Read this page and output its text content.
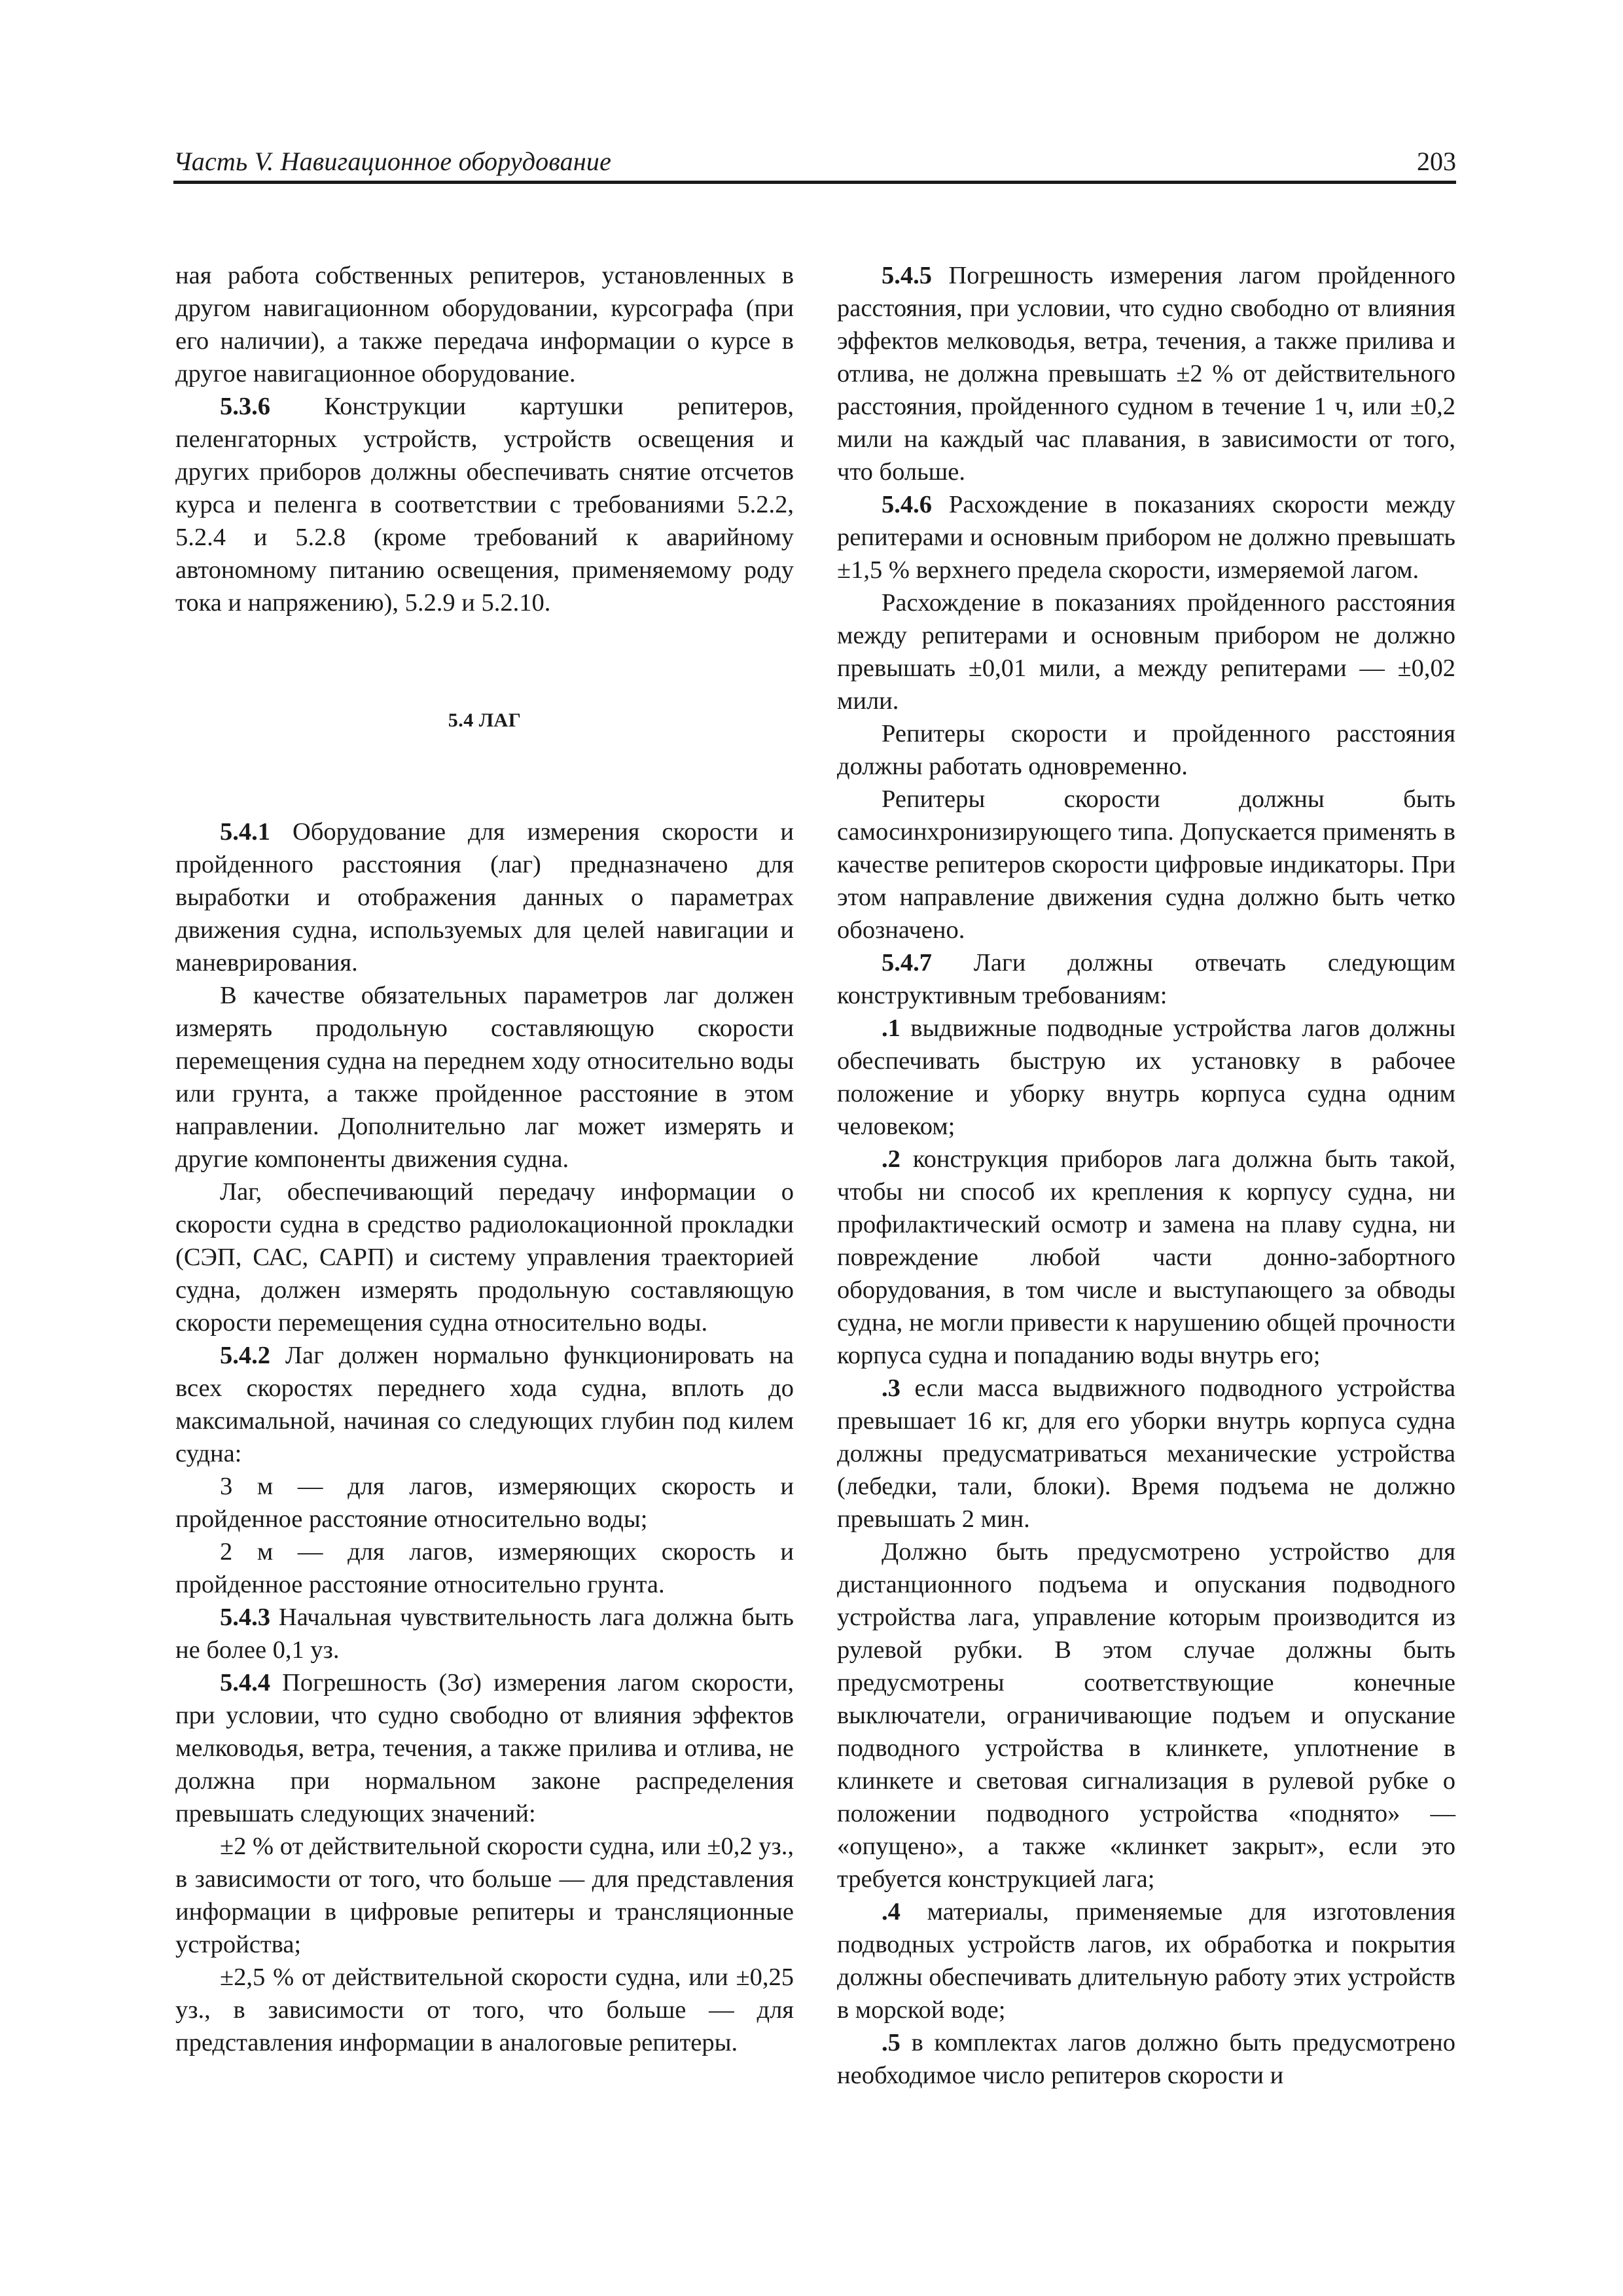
Часть V. Навигационное оборудование	203

ная работа собственных репитеров, установленных в другом навигационном оборудовании, курсографа (при его наличии), а также передача информации о курсе в другое навигационное оборудование.

5.3.6 Конструкции картушки репитеров, пеленгаторных устройств, устройств освещения и других приборов должны обеспечивать снятие отсчетов курса и пеленга в соответствии с требованиями 5.2.2, 5.2.4 и 5.2.8 (кроме требований к аварийному автономному питанию освещения, применяемому роду тока и напряжению), 5.2.9 и 5.2.10.

5.4 ЛАГ

5.4.1 Оборудование для измерения скорости и пройденного расстояния (лаг) предназначено для выработки и отображения данных о параметрах движения судна, используемых для целей навигации и маневрирования.

В качестве обязательных параметров лаг должен измерять продольную составляющую скорости перемещения судна на переднем ходу относительно воды или грунта, а также пройденное расстояние в этом направлении. Дополнительно лаг может измерять и другие компоненты движения судна.

Лаг, обеспечивающий передачу информации о скорости судна в средство радиолокационной прокладки (СЭП, САС, САРП) и систему управления траекторией судна, должен измерять продольную составляющую скорости перемещения судна относительно воды.

5.4.2 Лаг должен нормально функционировать на всех скоростях переднего хода судна, вплоть до максимальной, начиная со следующих глубин под килем судна:

3 м — для лагов, измеряющих скорость и пройденное расстояние относительно воды;

2 м — для лагов, измеряющих скорость и пройденное расстояние относительно грунта.

5.4.3 Начальная чувствительность лага должна быть не более 0,1 уз.

5.4.4 Погрешность (3σ) измерения лагом скорости, при условии, что судно свободно от влияния эффектов мелководья, ветра, течения, а также прилива и отлива, не должна при нормальном законе распределения превышать следующих значений:

±2 % от действительной скорости судна, или ±0,2 уз., в зависимости от того, что больше — для представления информации в цифровые репитеры и трансляционные устройства;

±2,5 % от действительной скорости судна, или ±0,25 уз., в зависимости от того, что больше — для представления информации в аналоговые репитеры.

5.4.5 Погрешность измерения лагом пройденного расстояния, при условии, что судно свободно от влияния эффектов мелководья, ветра, течения, а также прилива и отлива, не должна превышать ±2 % от действительного расстояния, пройденного судном в течение 1 ч, или ±0,2 мили на каждый час плавания, в зависимости от того, что больше.

5.4.6 Расхождение в показаниях скорости между репитерами и основным прибором не должно превышать ±1,5 % верхнего предела скорости, измеряемой лагом.

Расхождение в показаниях пройденного расстояния между репитерами и основным прибором не должно превышать ±0,01 мили, а между репитерами — ±0,02 мили.

Репитеры скорости и пройденного расстояния должны работать одновременно.

Репитеры скорости должны быть самосинхронизирующего типа. Допускается применять в качестве репитеров скорости цифровые индикаторы. При этом направление движения судна должно быть четко обозначено.

5.4.7 Лаги должны отвечать следующим конструктивным требованиям:

.1 выдвижные подводные устройства лагов должны обеспечивать быструю их установку в рабочее положение и уборку внутрь корпуса судна одним человеком;

.2 конструкция приборов лага должна быть такой, чтобы ни способ их крепления к корпусу судна, ни профилактический осмотр и замена на плаву судна, ни повреждение любой части донно-забортного оборудования, в том числе и выступающего за обводы судна, не могли привести к нарушению общей прочности корпуса судна и попаданию воды внутрь его;

.3 если масса выдвижного подводного устройства превышает 16 кг, для его уборки внутрь корпуса судна должны предусматриваться механические устройства (лебедки, тали, блоки). Время подъема не должно превышать 2 мин.

Должно быть предусмотрено устройство для дистанционного подъема и опускания подводного устройства лага, управление которым производится из рулевой рубки. В этом случае должны быть предусмотрены соответствующие конечные выключатели, ограничивающие подъем и опускание подводного устройства в клинкете, уплотнение в клинкете и световая сигнализация в рулевой рубке о положении подводного устройства «поднято» — «опущено», а также «клинкет закрыт», если это требуется конструкцией лага;

.4 материалы, применяемые для изготовления подводных устройств лагов, их обработка и покрытия должны обеспечивать длительную работу этих устройств в морской воде;

.5 в комплектах лагов должно быть предусмотрено необходимое число репитеров скорости и
